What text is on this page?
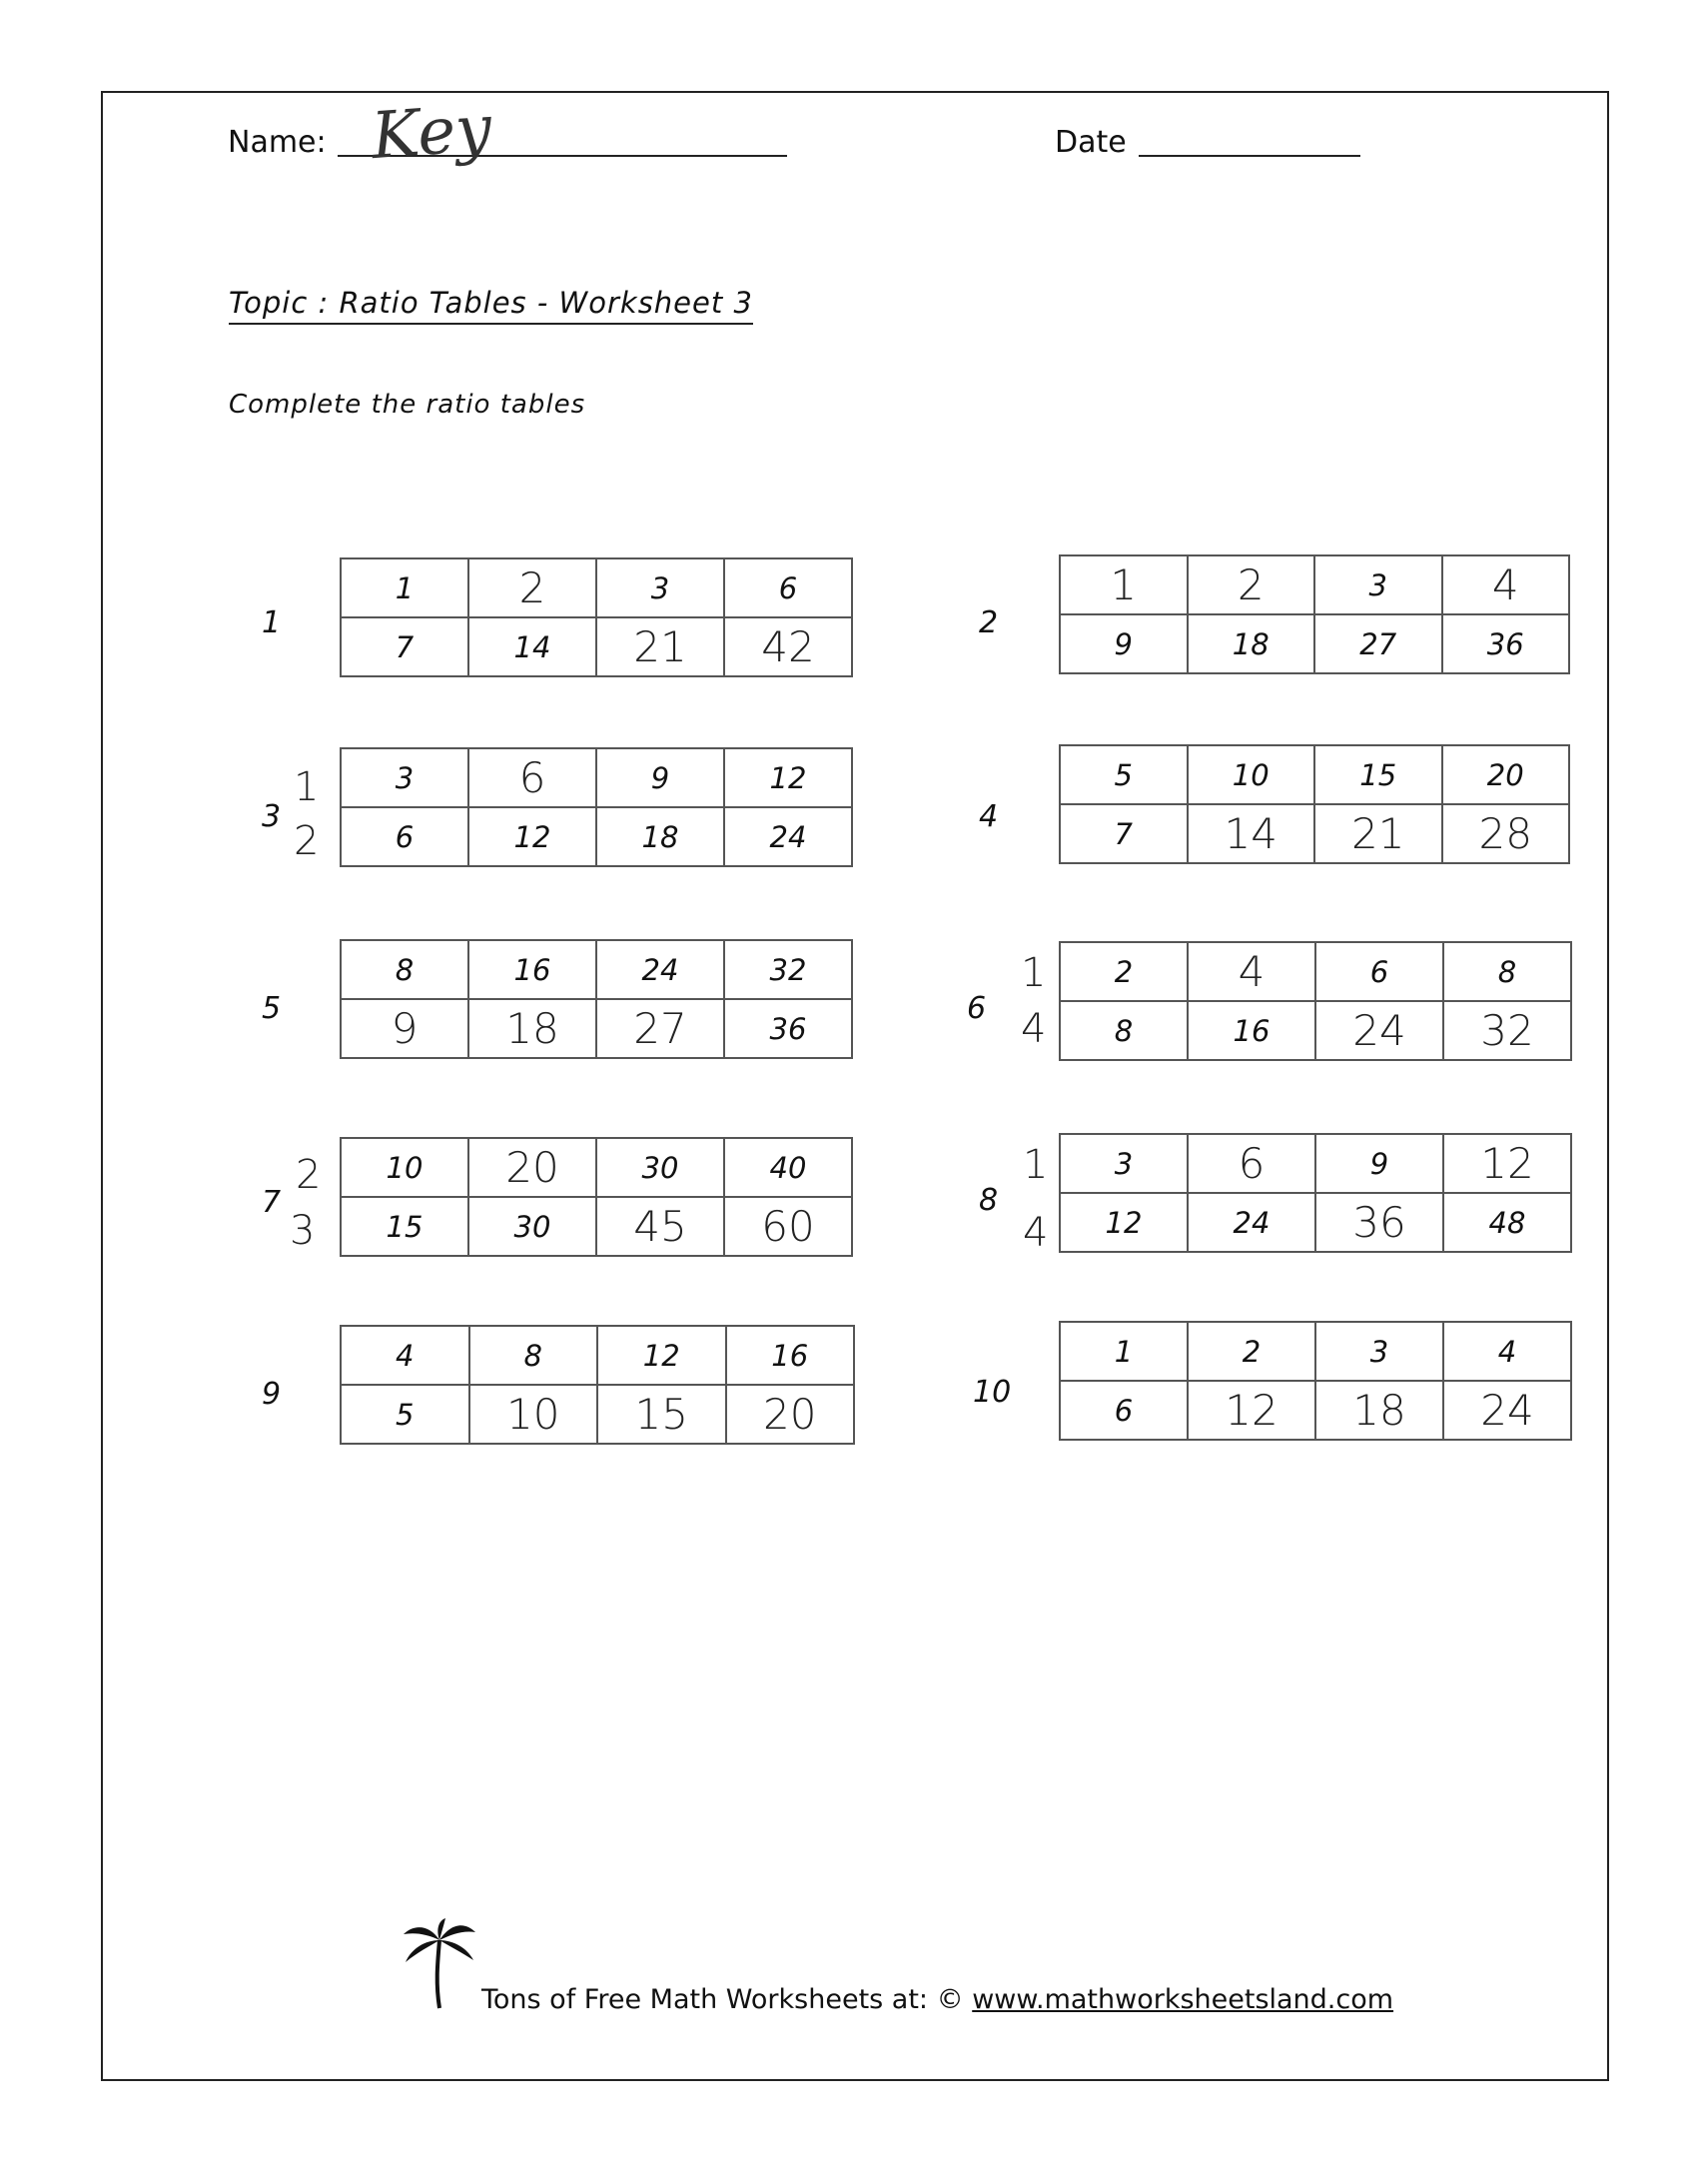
Name: Key	Date
Topic : Ratio Tables - Worksheet 3
Complete the ratio tables
1
1	2	3	6
7	14	21	42	2
1	2	3	4
9	18	27	36
3
1
2
3	6	9	12
6	12	18	24
4
5	10	15	20
7	14	21	28
5
8	16	24	32
9	18	27	36
6
1
4
2	4	6	8
8	16	24	32
7
2
3
10	20	30	40
15	30	45	60
8
1
4
3	6	9	12
12	24	36	48
9
4	8	12	16
5	10	15	20	10
1	2	3	4
6	12	18	24
Tons of Free Math Worksheets at: © www.mathworksheetsland.com
